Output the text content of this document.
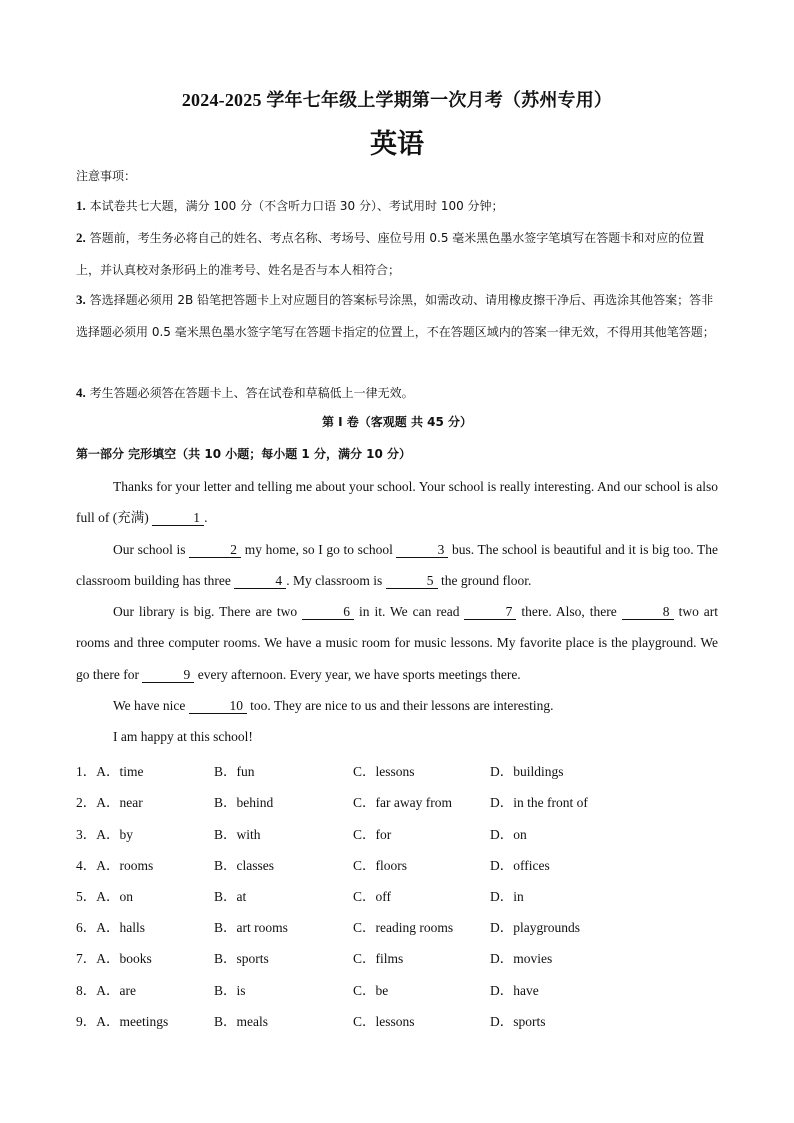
2024-2025 学年七年级上学期第一次月考（苏州专用）
英语
注意事项：
1. 本试卷共七大题，满分 100 分（不含听力口语 30 分）、考试用时 100 分钟；
2. 答题前，考生务必将自己的姓名、考点名称、考场号、座位号用 0.5 毫米黑色墨水签字笔填写在答题卡和对应的位置上，并认真校对条形码上的准考号、姓名是否与本人相符合；
3. 答选择题必须用 2B 铅笔把答题卡上对应题目的答案标号涂黑，如需改动、请用橡皮擦干净后、再选涂其他答案；答非选择题必须用 0.5 毫米黑色墨水签字笔写在答题卡指定的位置上，不在答题区域内的答案一律无效，不得用其他笔答题；
4. 考生答题必须答在答题卡上、答在试卷和草稿低上一律无效。
第 I 卷（客观题 共 45 分）
第一部分 完形填空（共 10 小题；每小题 1 分，满分 10 分）
Thanks for your letter and telling me about your school. Your school is really interesting. And our school is also full of (充满)	1 .
Our school is	2 my home, so I go to school	3 bus. The school is beautiful and it is big too. The classroom building has three	4 . My classroom is	5 the ground floor.
Our library is big. There are two	6 in it. We can read	7 there. Also, there	8 two art rooms and three computer rooms. We have a music room for music lessons. My favorite place is the playground. We go there for	9 every afternoon. Every year, we have sports meetings there.
We have nice	10 too. They are nice to us and their lessons are interesting.
I am happy at this school!
1．A．time	B．fun	C．lessons	D．buildings
2．A．near	B．behind	C．far away from	D．in the front of
3．A．by	B．with	C．for	D．on
4．A．rooms	B．classes	C．floors	D．offices
5．A．on	B．at	C．off	D．in
6．A．halls	B．art rooms	C．reading rooms	D．playgrounds
7．A．books	B．sports	C．films	D．movies
8．A．are	B．is	C．be	D．have
9．A．meetings	B．meals	C．lessons	D．sports
